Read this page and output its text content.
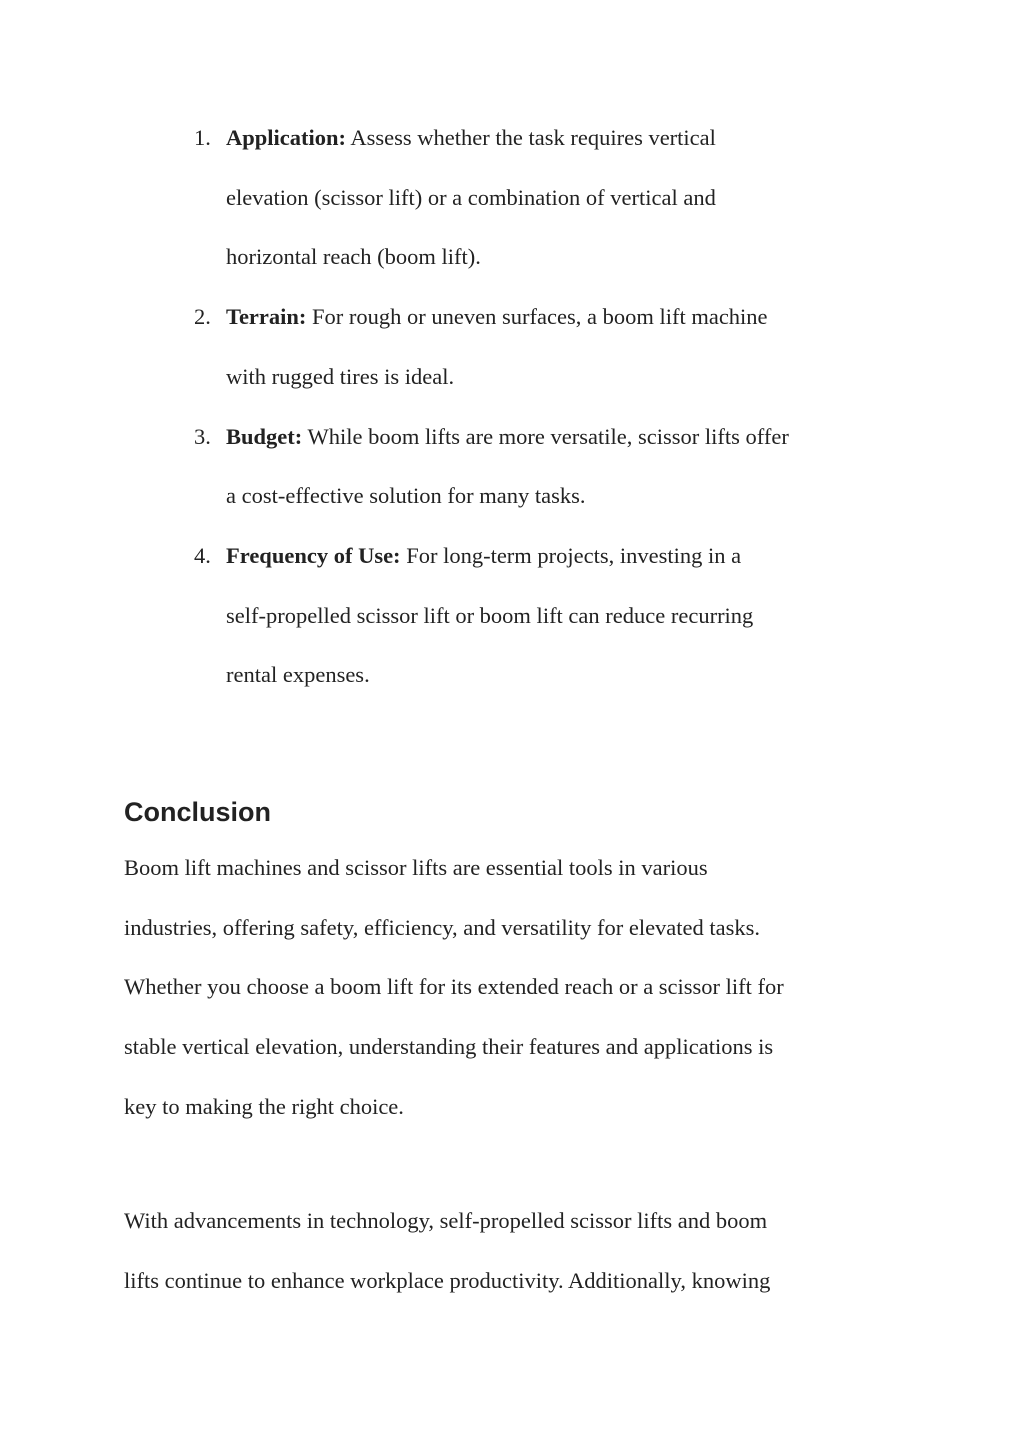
1. Application: Assess whether the task requires vertical
elevation (scissor lift) or a combination of vertical and
horizontal reach (boom lift).
2. Terrain: For rough or uneven surfaces, a boom lift machine
with rugged tires is ideal.
3. Budget: While boom lifts are more versatile, scissor lifts offer
a cost-effective solution for many tasks.
4. Frequency of Use: For long-term projects, investing in a
self-propelled scissor lift or boom lift can reduce recurring
rental expenses.
Conclusion

Boom lift machines and scissor lifts are essential tools in various
industries, offering safety, efficiency, and versatility for elevated tasks.
Whether you choose a boom lift for its extended reach or a scissor lift for
stable vertical elevation, understanding their features and applications is
key to making the right choice.

With advancements in technology, self-propelled scissor lifts and boom
lifts continue to enhance workplace productivity. Additionally, knowing
